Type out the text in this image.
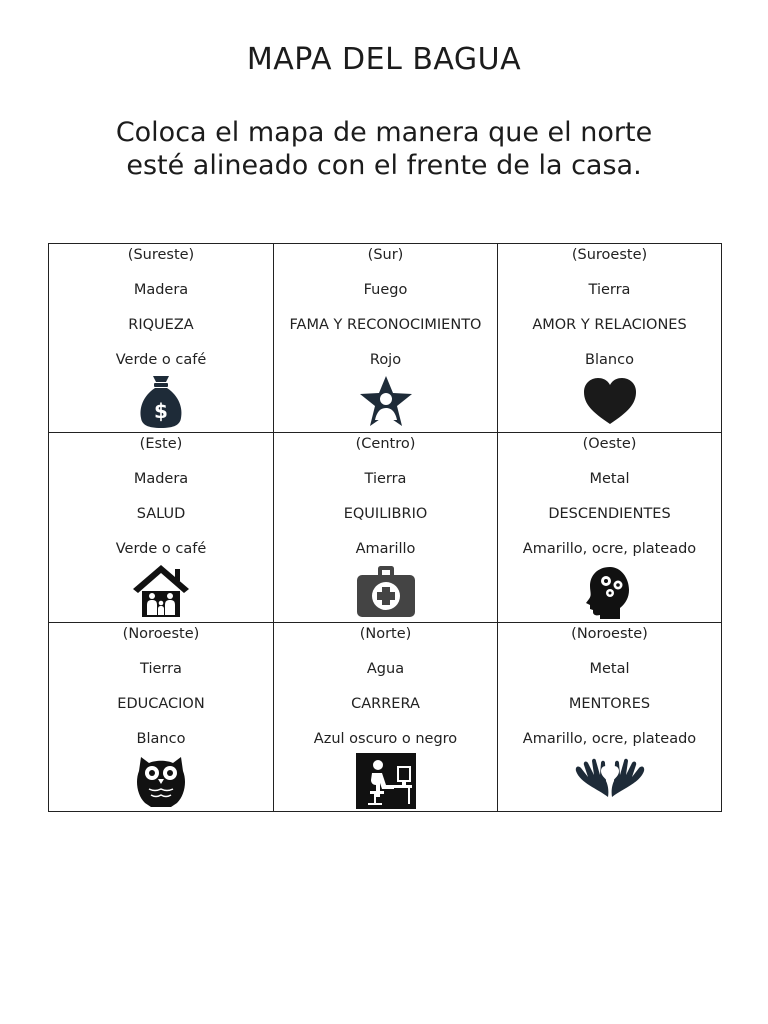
MAPA DEL BAGUA

Coloca el mapa de manera que el norte esté alineado con el frente de la casa.

(Sureste)
Madera
RIQUEZA
Verde o café
$
(Sur)
Fuego
FAMA Y RECONOCIMIENTO
Rojo
(Suroeste)
Tierra
AMOR Y RELACIONES
Blanco
(Este)
Madera
SALUD
Verde o café
(Centro)
Tierra
EQUILIBRIO
Amarillo
(Oeste)
Metal
DESCENDIENTES
Amarillo, ocre, plateado
(Noroeste)
Tierra
EDUCACION
Blanco
(Norte)
Agua
CARRERA
Azul oscuro o negro
(Noroeste)
Metal
MENTORES
Amarillo, ocre, plateado
